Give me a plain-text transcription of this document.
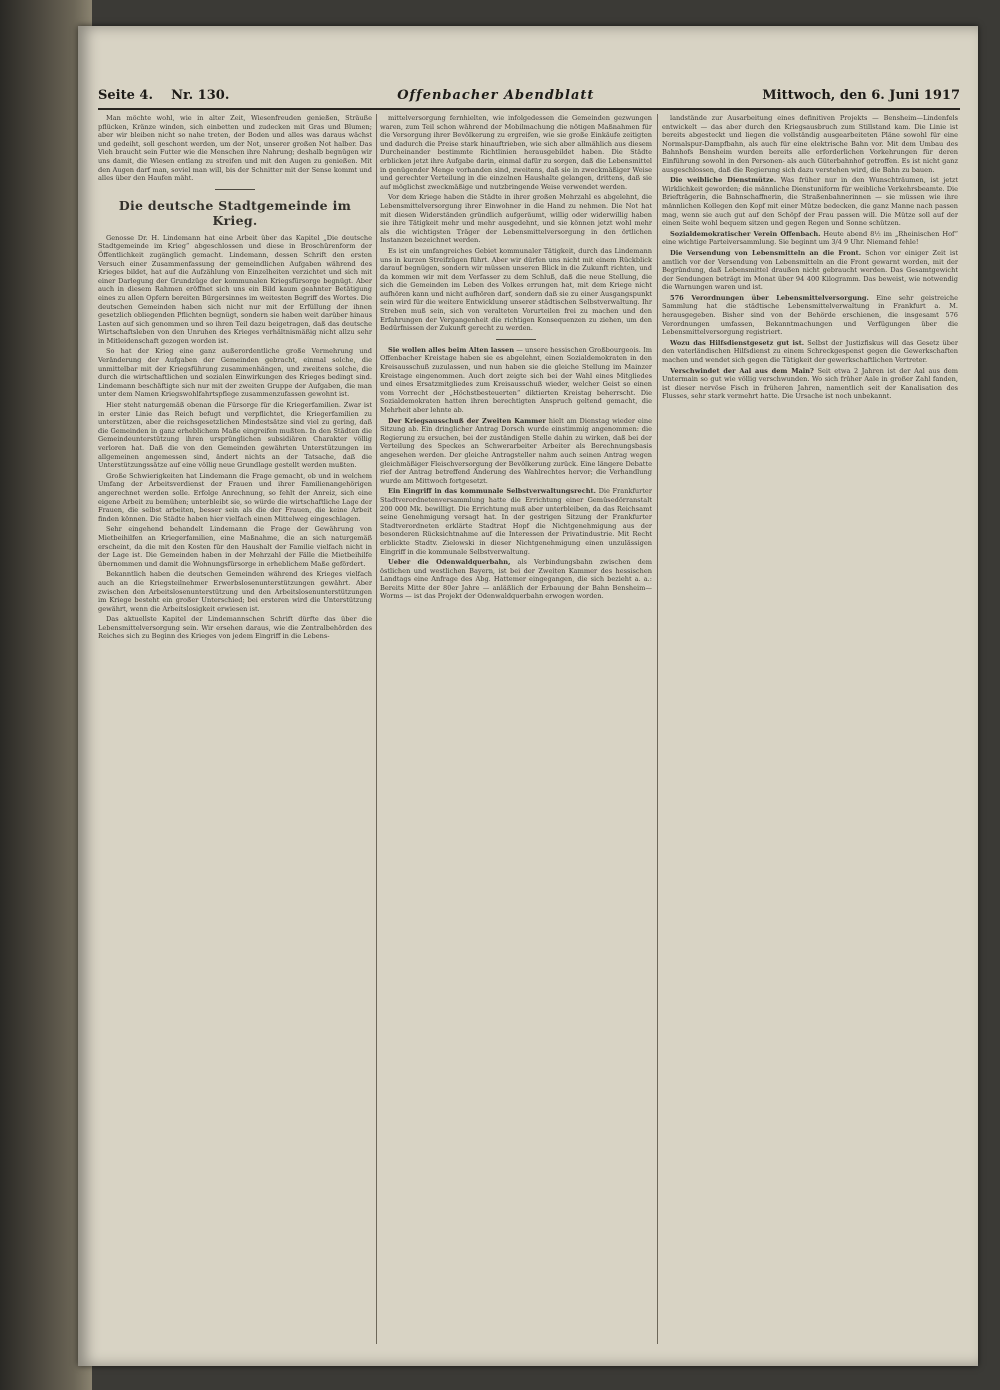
Seite 4. Nr. 130.	Offenbacher Abendblatt	Mittwoch, den 6. Juni 1917

Man möchte wohl, wie in alter Zeit, Wiesenfreuden genießen, Sträuße pflücken, Kränze winden, sich einbetten und zudecken mit Gras und Blumen; aber wir bleiben nicht so nahe treten, der Boden und alles was daraus wächst und gedeiht, soll geschont werden, um der Not, unserer großen Not halber. Das Vieh braucht sein Futter wie die Menschen ihre Nahrung; deshalb begnügen wir uns damit, die Wiesen entlang zu streifen und mit den Augen zu genießen. Mit den Augen darf man, soviel man will, bis der Schnitter mit der Sense kommt und alles über den Haufen mäht.

Die deutsche Stadtgemeinde im Krieg.

Genosse Dr. H. Lindemann hat eine Arbeit über das Kapitel „Die deutsche Stadtgemeinde im Krieg“ abgeschlossen und diese in Broschürenform der Öffentlichkeit zugänglich gemacht. Lindemann, dessen Schrift den ersten Versuch einer Zusammenfassung der gemeindlichen Aufgaben während des Krieges bildet, hat auf die Aufzählung von Einzelheiten verzichtet und sich mit einer Darlegung der Grundzüge der kommunalen Kriegsfürsorge begnügt. Aber auch in diesem Rahmen eröffnet sich uns ein Bild kaum geahnter Betätigung eines zu allen Opfern bereiten Bürgersinnes im weitesten Begriff des Wortes. Die deutschen Gemeinden haben sich nicht nur mit der Erfüllung der ihnen gesetzlich obliegenden Pflichten begnügt, sondern sie haben weit darüber hinaus Lasten auf sich genommen und so ihren Teil dazu beigetragen, daß das deutsche Wirtschaftsleben von den Unruhen des Krieges verhältnismäßig nicht allzu sehr in Mitleidenschaft gezogen worden ist.

So hat der Krieg eine ganz außerordentliche große Vermehrung und Veränderung der Aufgaben der Gemeinden gebracht, einmal solche, die unmittelbar mit der Kriegsführung zusammenhängen, und zweitens solche, die durch die wirtschaftlichen und sozialen Einwirkungen des Krieges bedingt sind. Lindemann beschäftigte sich nur mit der zweiten Gruppe der Aufgaben, die man unter dem Namen Kriegswohlfahrtspflege zusammenzufassen gewohnt ist.

Hier steht naturgemäß obenan die Fürsorge für die Kriegerfamilien. Zwar ist in erster Linie das Reich befugt und verpflichtet, die Kriegerfamilien zu unterstützen, aber die reichsgesetzlichen Mindestsätze sind viel zu gering, daß die Gemeinden in ganz erheblichem Maße eingreifen mußten. In den Städten die Gemeindeunterstützung ihren ursprünglichen subsidiären Charakter völlig verloren hat. Daß die von den Gemeinden gewährten Unterstützungen im allgemeinen angemessen sind, ändert nichts an der Tatsache, daß die Unterstützungssätze auf eine völlig neue Grundlage gestellt werden mußten.

Große Schwierigkeiten hat Lindemann die Frage gemacht, ob und in welchem Umfang der Arbeitsverdienst der Frauen und ihrer Familienangehörigen angerechnet werden solle. Erfolge Anrechnung, so fehlt der Anreiz, sich eine eigene Arbeit zu bemühen; unterbleibt sie, so würde die wirtschaftliche Lage der Frauen, die selbst arbeiten, besser sein als die der Frauen, die keine Arbeit finden können. Die Städte haben hier vielfach einen Mittelweg eingeschlagen.

Sehr eingehend behandelt Lindemann die Frage der Gewährung von Mietbeihilfen an Kriegerfamilien, eine Maßnahme, die an sich naturgemäß erscheint, da die mit den Kosten für den Haushalt der Familie vielfach nicht in der Lage ist. Die Gemeinden haben in der Mehrzahl der Fälle die Mietbeihilfe übernommen und damit die Wohnungsfürsorge in erheblichem Maße gefördert.

Bekanntlich haben die deutschen Gemeinden während des Krieges vielfach auch an die Kriegsteilnehmer Erwerbslosenunterstützungen gewährt. Aber zwischen den Arbeitslosenunterstützung und den Arbeitslosenunterstützungen im Kriege besteht ein großer Unterschied; bei ersteren wird die Unterstützung gewährt, wenn die Arbeitslosigkeit erwiesen ist.

Das aktuellste Kapitel der Lindemannschen Schrift dürfte das über die Lebensmittelversorgung sein. Wir ersehen daraus, wie die Zentralbehörden des Reiches sich zu Beginn des Krieges von jedem Eingriff in die Lebens-

mittelversorgung fernhielten, wie infolgedessen die Gemeinden gezwungen waren, zum Teil schon während der Mobilmachung die nötigen Maßnahmen für die Versorgung ihrer Bevölkerung zu ergreifen, wie sie große Einkäufe zeitigten und dadurch die Preise stark hinauftrieben, wie sich aber allmählich aus diesem Durcheinander bestimmte Richtlinien herausgebildet haben. Die Städte erblicken jetzt ihre Aufgabe darin, einmal dafür zu sorgen, daß die Lebensmittel in genügender Menge vorhanden sind, zweitens, daß sie in zweckmäßiger Weise und gerechter Verteilung in die einzelnen Haushalte gelangen, drittens, daß sie auf möglichst zweckmäßige und nutzbringende Weise verwendet werden.

Vor dem Kriege haben die Städte in ihrer großen Mehrzahl es abgelehnt, die Lebensmittelversorgung ihrer Einwohner in die Hand zu nehmen. Die Not hat mit diesen Widerständen gründlich aufgeräumt, willig oder widerwillig haben sie ihre Tätigkeit mehr und mehr ausgedehnt, und sie können jetzt wohl mehr als die wichtigsten Träger der Lebensmittelversorgung in den örtlichen Instanzen bezeichnet werden.

Es ist ein umfangreiches Gebiet kommunaler Tätigkeit, durch das Lindemann uns in kurzen Streifzügen führt. Aber wir dürfen uns nicht mit einem Rückblick darauf begnügen, sondern wir müssen unseren Blick in die Zukunft richten, und da kommen wir mit dem Verfasser zu dem Schluß, daß die neue Stellung, die sich die Gemeinden im Leben des Volkes errungen hat, mit dem Kriege nicht aufhören kann und nicht aufhören darf, sondern daß sie zu einer Ausgangspunkt sein wird für die weitere Entwicklung unserer städtischen Selbstverwaltung. Ihr Streben muß sein, sich von veralteten Vorurteilen frei zu machen und den Erfahrungen der Vergangenheit die richtigen Konsequenzen zu ziehen, um den Bedürfnissen der Zukunft gerecht zu werden.

Sie wollen alles beim Alten lassen — unsere hessischen Großbourgeois. Im Offenbacher Kreistage haben sie es abgelehnt, einen Sozialdemokraten in den Kreisausschuß zuzulassen, und nun haben sie die gleiche Stellung im Mainzer Kreistage eingenommen. Auch dort zeigte sich bei der Wahl eines Mitgliedes und eines Ersatzmitgliedes zum Kreisausschuß wieder, welcher Geist so einen vom Vorrecht der „Höchstbesteuerten“ diktierten Kreistag beherrscht. Die Sozialdemokraten hatten ihren berechtigten Anspruch geltend gemacht, die Mehrheit aber lehnte ab.

Der Kriegsausschuß der Zweiten Kammer hielt am Dienstag wieder eine Sitzung ab. Ein dringlicher Antrag Dorsch wurde einstimmig angenommen: die Regierung zu ersuchen, bei der zuständigen Stelle dahin zu wirken, daß bei der Verteilung des Speckes an Schwerarbeiter Arbeiter als Berechnungsbasis angesehen werden. Der gleiche Antragsteller nahm auch seinen Antrag wegen gleichmäßiger Fleischversorgung der Bevölkerung zurück. Eine längere Debatte rief der Antrag betreffend Änderung des Wahlrechtes hervor; die Verhandlung wurde am Mittwoch fortgesetzt.

Ein Eingriff in das kommunale Selbstverwaltungsrecht. Die Frankfurter Stadtverordnetenversammlung hatte die Errichtung einer Gemüsedörranstalt 200 000 Mk. bewilligt. Die Errichtung muß aber unterbleiben, da das Reichsamt seine Genehmigung versagt hat. In der gestrigen Sitzung der Frankfurter Stadtverordneten erklärte Stadtrat Hopf die Nichtgenehmigung aus der besonderen Rücksichtnahme auf die Interessen der Privatindustrie. Mit Recht erblickte Stadtv. Zielowski in dieser Nichtgenehmigung einen unzulässigen Eingriff in die kommunale Selbstverwaltung.

Ueber die Odenwaldquerbahn, als Verbindungsbahn zwischen dem östlichen und westlichen Bayern, ist bei der Zweiten Kammer des hessischen Landtags eine Anfrage des Abg. Hattemer eingegangen, die sich bezieht a. a.: Bereits Mitte der 80er Jahre — anläßlich der Erbauung der Bahn Bensheim—Worms — ist das Projekt der Odenwaldquerbahn erwogen worden.

landstände zur Ausarbeitung eines definitiven Projekts — Bensheim—Lindenfels entwickelt — das aber durch den Kriegsausbruch zum Stillstand kam. Die Linie ist bereits abgesteckt und liegen die vollständig ausgearbeiteten Pläne sowohl für eine Normalspur-Dampfbahn, als auch für eine elektrische Bahn vor. Mit dem Umbau des Bahnhofs Bensheim wurden bereits alle erforderlichen Vorkehrungen für deren Einführung sowohl in den Personen- als auch Güterbahnhof getroffen. Es ist nicht ganz ausgeschlossen, daß die Regierung sich dazu verstehen wird, die Bahn zu bauen.

Die weibliche Dienstmütze. Was früher nur in den Wunschträumen, ist jetzt Wirklichkeit geworden; die männliche Dienstuniform für weibliche Verkehrsbeamte. Die Briefträgerin, die Bahnschaffnerin, die Straßenbahnerinnen — sie müssen wie ihre männlichen Kollegen den Kopf mit einer Mütze bedecken, die ganz Manne nach passen mag, wenn sie auch gut auf den Schöpf der Frau passen will. Die Mütze soll auf der einen Seite wohl bequem sitzen und gegen Regen und Sonne schützen.

Sozialdemokratischer Verein Offenbach. Heute abend 8½ im „Rheinischen Hof“ eine wichtige Parteiversammlung. Sie beginnt um 3/4 9 Uhr. Niemand fehle!

Die Versendung von Lebensmitteln an die Front. Schon vor einiger Zeit ist amtlich vor der Versendung von Lebensmitteln an die Front gewarnt worden, mit der Begründung, daß Lebensmittel draußen nicht gebraucht werden. Das Gesamtgewicht der Sendungen beträgt im Monat über 94 400 Kilogramm. Das beweist, wie notwendig die Warnungen waren und ist.

576 Verordnungen über Lebensmittelversorgung. Eine sehr geistreiche Sammlung hat die städtische Lebensmittelverwaltung in Frankfurt a. M. herausgegeben. Bisher sind von der Behörde erschienen, die insgesamt 576 Verordnungen umfassen, Bekanntmachungen und Verfügungen über die Lebensmittelversorgung registriert.

Wozu das Hilfsdienstgesetz gut ist. Selbst der Justizfiskus will das Gesetz über den vaterländischen Hilfsdienst zu einem Schreckgespenst gegen die Gewerkschaften machen und wendet sich gegen die Tätigkeit der gewerkschaftlichen Vertreter.

Verschwindet der Aal aus dem Main? Seit etwa 2 Jahren ist der Aal aus dem Untermain so gut wie völlig verschwunden. Wo sich früher Aale in großer Zahl fanden, ist dieser nervöse Fisch in früheren Jahren, namentlich seit der Kanalisation des Flusses, sehr stark vermehrt hatte. Die Ursache ist noch unbekannt.
